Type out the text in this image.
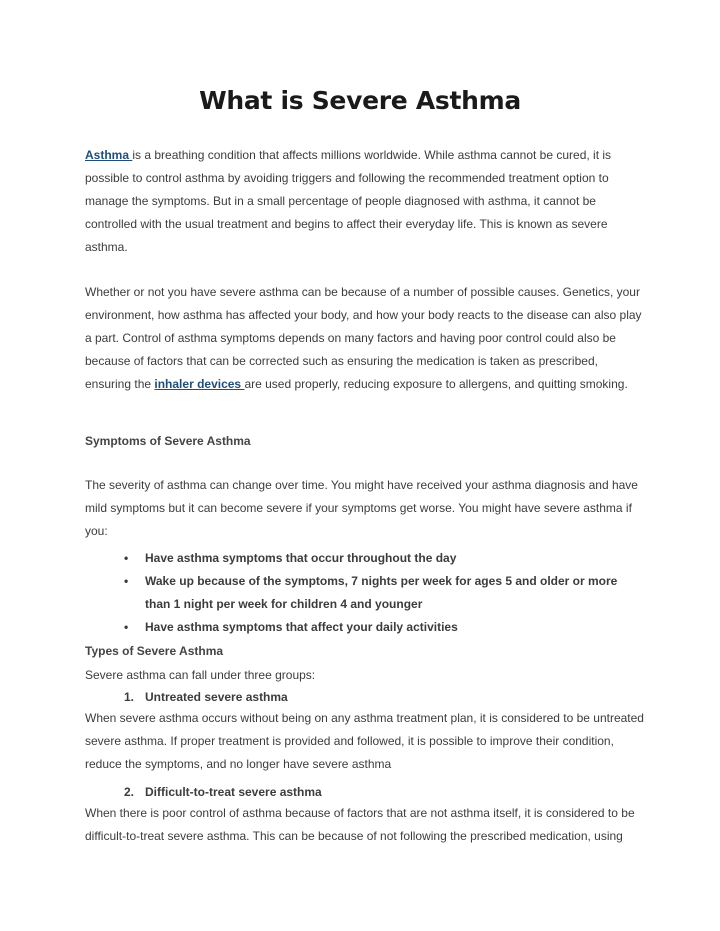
What is Severe Asthma

Asthma is a breathing condition that affects millions worldwide. While asthma cannot be cured, it is possible to control asthma by avoiding triggers and following the recommended treatment option to manage the symptoms. But in a small percentage of people diagnosed with asthma, it cannot be controlled with the usual treatment and begins to affect their everyday life. This is known as severe asthma.

Whether or not you have severe asthma can be because of a number of possible causes. Genetics, your environment, how asthma has affected your body, and how your body reacts to the disease can also play a part. Control of asthma symptoms depends on many factors and having poor control could also be because of factors that can be corrected such as ensuring the medication is taken as prescribed, ensuring the inhaler devices are used properly, reducing exposure to allergens, and quitting smoking.

Symptoms of Severe Asthma

The severity of asthma can change over time. You might have received your asthma diagnosis and have mild symptoms but it can become severe if your symptoms get worse. You might have severe asthma if you:

• Have asthma symptoms that occur throughout the day
• Wake up because of the symptoms, 7 nights per week for ages 5 and older or more than 1 night per week for children 4 and younger
• Have asthma symptoms that affect your daily activities

Types of Severe Asthma

Severe asthma can fall under three groups:

1. Untreated severe asthma

When severe asthma occurs without being on any asthma treatment plan, it is considered to be untreated severe asthma. If proper treatment is provided and followed, it is possible to improve their condition, reduce the symptoms, and no longer have severe asthma

2. Difficult-to-treat severe asthma

When there is poor control of asthma because of factors that are not asthma itself, it is considered to be difficult-to-treat severe asthma. This can be because of not following the prescribed medication, using
